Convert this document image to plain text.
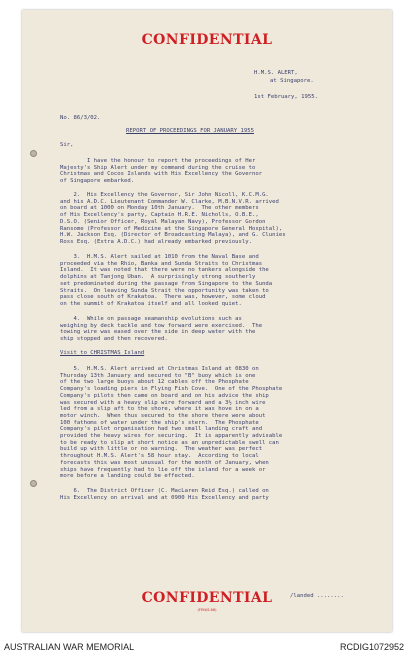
CONFIDENTIAL
H.M.S. ALERT,
at Singapore.
1st February, 1955.
No. 86/3/02.
REPORT OF PROCEEDINGS FOR JANUARY 1955
Sir,
I have the honour to report the proceedings of Her
Majesty's Ship Alert under my command during the cruise to
Christmas and Cocos Islands with His Excellency the Governor
of Singapore embarked.
2.  His Excellency the Governor, Sir John Nicoll, K.C.M.G.
and his A.D.C. Lieutenant Commander W. Clarke, M.B.N.V.R. arrived
on board at 1000 on Monday 10th January.  The other members
of His Excellency's party, Captain H.R.E. Nicholls, O.B.E.,
D.S.O. (Senior Officer, Royal Malayan Navy), Professor Gordon
Ransome (Professor of Medicine at the Singapore General Hospital),
H.W. Jackson Esq. (Director of Broadcasting Malaya), and G. Clunies
Ross Esq. (Extra A.D.C.) had already embarked previously.
3.  H.M.S. Alert sailed at 1010 from the Naval Base and
proceeded via the Rhio, Banka and Sunda Straits to Christmas
Island.  It was noted that there were no tankers alongside the
dolphins at Tanjong Uban.  A surprisingly strong southerly
set predominated during the passage from Singapore to the Sunda
Straits.  On leaving Sunda Strait the opportunity was taken to
pass close south of Krakatoa.  There was, however, some cloud
on the summit of Krakatoa itself and all looked quiet.
4.  While on passage seamanship evolutions such as
weighing by deck tackle and tow forward were exercised.  The
towing wire was eased over the side in deep water with the
ship stopped and then recovered.
Visit to CHRISTMAS Island
5.  H.M.S. Alert arrived at Christmas Island at 0830 on
Thursday 13th January and secured to "B" buoy which is one
of the two large buoys about 12 cables off the Phosphate
Company's loading piers in Flying Fish Cove.  One of the Phosphate
Company's pilots then came on board and on his advice the ship
was secured with a heavy slip wire forward and a 3½ inch wire
led from a slip aft to the shore, where it was hove in on a
motor winch.  When thus secured to the shore there were about
100 fathoms of water under the ship's stern.  The Phosphate
Company's pilot organisation had two small landing craft and
provided the heavy wires for securing.  It is apparently advisable
to be ready to slip at short notice as an unpredictable swell can
build up with little or no warning.  The weather was perfect
throughout H.M.S. Alert's 58 hour stay.  According to local
forecasts this was most unusual for the month of January, when
ships have frequently had to lie off the island for a week or
more before a landing could be effected.
6.  The District Officer (C. MacLaren Reid Esq.) called on
His Excellency on arrival and at 0900 His Excellency and party
CONFIDENTIAL
(FEN/S.66)
/landed ........
AUSTRALIAN WAR MEMORIAL	RCDIG1072952
